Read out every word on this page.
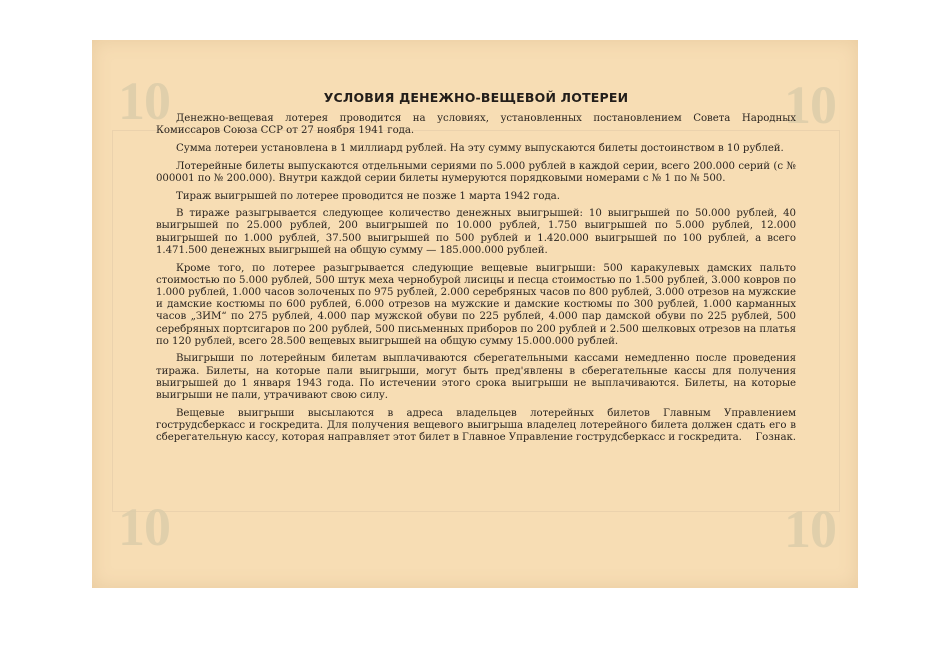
10	10
10	10
УСЛОВИЯ ДЕНЕЖНО-ВЕЩЕВОЙ ЛОТЕРЕИ

Денежно-вещевая лотерея проводится на условиях, установленных постановлением Совета Народных Комиссаров Союза ССР от 27 ноября 1941 года.

Сумма лотереи установлена в 1 миллиард рублей. На эту сумму выпускаются билеты достоинством в 10 рублей.

Лотерейные билеты выпускаются отдельными сериями по 5.000 рублей в каждой серии, всего 200.000 серий (с № 000001 по № 200.000). Внутри каждой серии билеты нумеруются порядковыми номерами с № 1 по № 500.

Тираж выигрышей по лотерее проводится не позже 1 марта 1942 года.

В тираже разыгрывается следующее количество денежных выигрышей: 10 выигрышей по 50.000 рублей, 40 выигрышей по 25.000 рублей, 200 выигрышей по 10.000 рублей, 1.750 выигрышей по 5.000 рублей, 12.000 выигрышей по 1.000 рублей, 37.500 выигрышей по 500 рублей и 1.420.000 выигрышей по 100 рублей, а всего 1.471.500 денежных выигрышей на общую сумму — 185.000.000 рублей.

Кроме того, по лотерее разыгрывается следующие вещевые выигрыши: 500 каракулевых дамских пальто стоимостью по 5.000 рублей, 500 штук меха чернобурой лисицы и песца стоимостью по 1.500 рублей, 3.000 ковров по 1.000 рублей, 1.000 часов золоченых по 975 рублей, 2.000 серебряных часов по 800 рублей, 3.000 отрезов на мужские и дамские костюмы по 600 рублей, 6.000 отрезов на мужские и дамские костюмы по 300 рублей, 1.000 карманных часов „ЗИМ“ по 275 рублей, 4.000 пар мужской обуви по 225 рублей, 4.000 пар дамской обуви по 225 рублей, 500 серебряных портсигаров по 200 рублей, 500 письменных приборов по 200 рублей и 2.500 шелковых отрезов на платья по 120 рублей, всего 28.500 вещевых выигрышей на общую сумму 15.000.000 рублей.

Выигрыши по лотерейным билетам выплачиваются сберегательными кассами немедленно после проведения тиража. Билеты, на которые пали выигрыши, могут быть пред'явлены в сберегательные кассы для получения выигрышей до 1 января 1943 года. По истечении этого срока выигрыши не выплачиваются. Билеты, на которые выигрыши не пали, утрачивают свою силу.

Вещевые выигрыши высылаются в адреса владельцев лотерейных билетов Главным Управлением гострудсберкасс и госкредита. Для получения вещевого выигрыша владелец лотерейного билета должен сдать его в сберегательную кассу, которая направляет этот билет в Главное Управление гострудсберкасс и госкредита. Гознак.
